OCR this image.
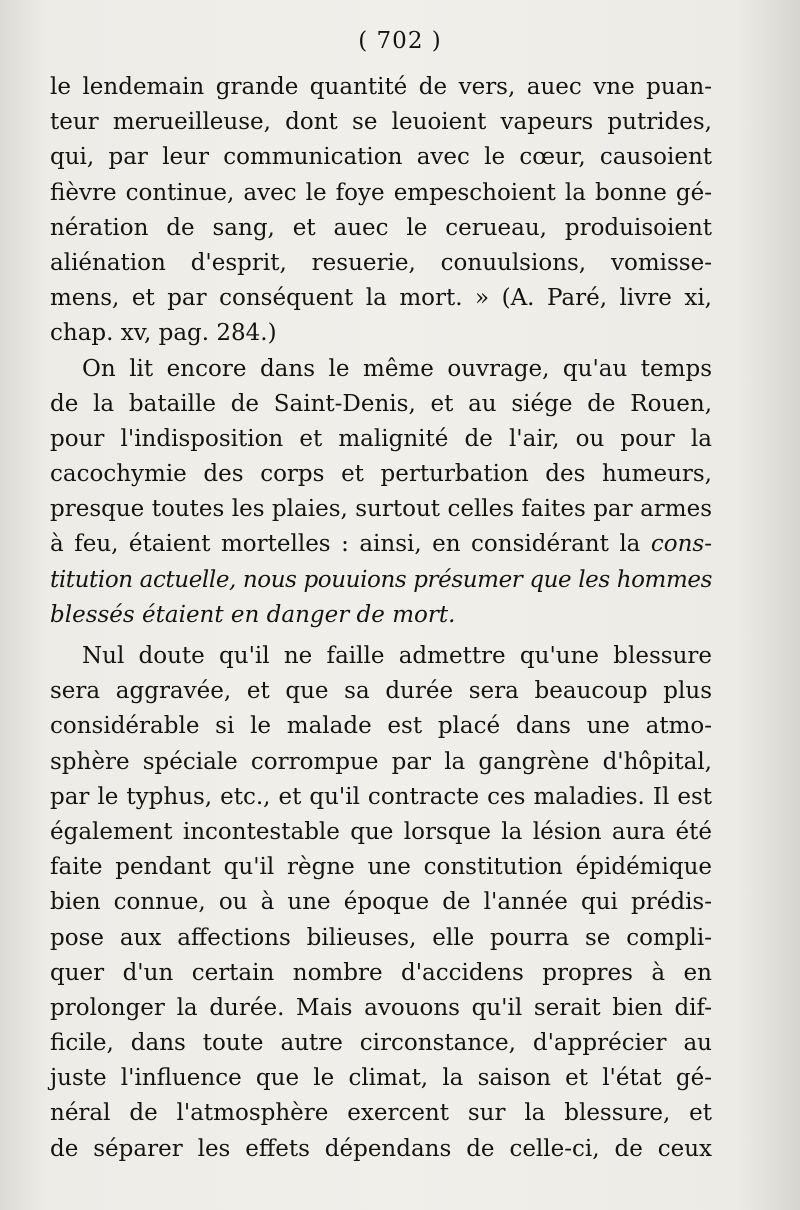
( 702 )
le lendemain grande quantité de vers, auec vne puan-
teur merueilleuse, dont se leuoient vapeurs putrides,
qui, par leur communication avec le cœur, causoient
fièvre continue, avec le foye empeschoient la bonne gé-
nération de sang, et auec le cerueau, produisoient
aliénation d'esprit, resuerie, conuulsions, vomisse-
mens, et par conséquent la mort. » (A. Paré, livre xi,
chap. xv, pag. 284.)
On lit encore dans le même ouvrage, qu'au temps
de la bataille de Saint-Denis, et au siége de Rouen,
pour l'indisposition et malignité de l'air, ou pour la
cacochymie des corps et perturbation des humeurs,
presque toutes les plaies, surtout celles faites par armes
à feu, étaient mortelles : ainsi, en considérant la cons-
titution actuelle, nous pouuions présumer que les hommes
blessés étaient en danger de mort.
Nul doute qu'il ne faille admettre qu'une blessure
sera aggravée, et que sa durée sera beaucoup plus
considérable si le malade est placé dans une atmo-
sphère spéciale corrompue par la gangrène d'hôpital,
par le typhus, etc., et qu'il contracte ces maladies. Il est
également incontestable que lorsque la lésion aura été
faite pendant qu'il règne une constitution épidémique
bien connue, ou à une époque de l'année qui prédis-
pose aux affections bilieuses, elle pourra se compli-
quer d'un certain nombre d'accidens propres à en
prolonger la durée. Mais avouons qu'il serait bien dif-
ficile, dans toute autre circonstance, d'apprécier au
juste l'influence que le climat, la saison et l'état gé-
néral de l'atmosphère exercent sur la blessure, et
de séparer les effets dépendans de celle-ci, de ceux
